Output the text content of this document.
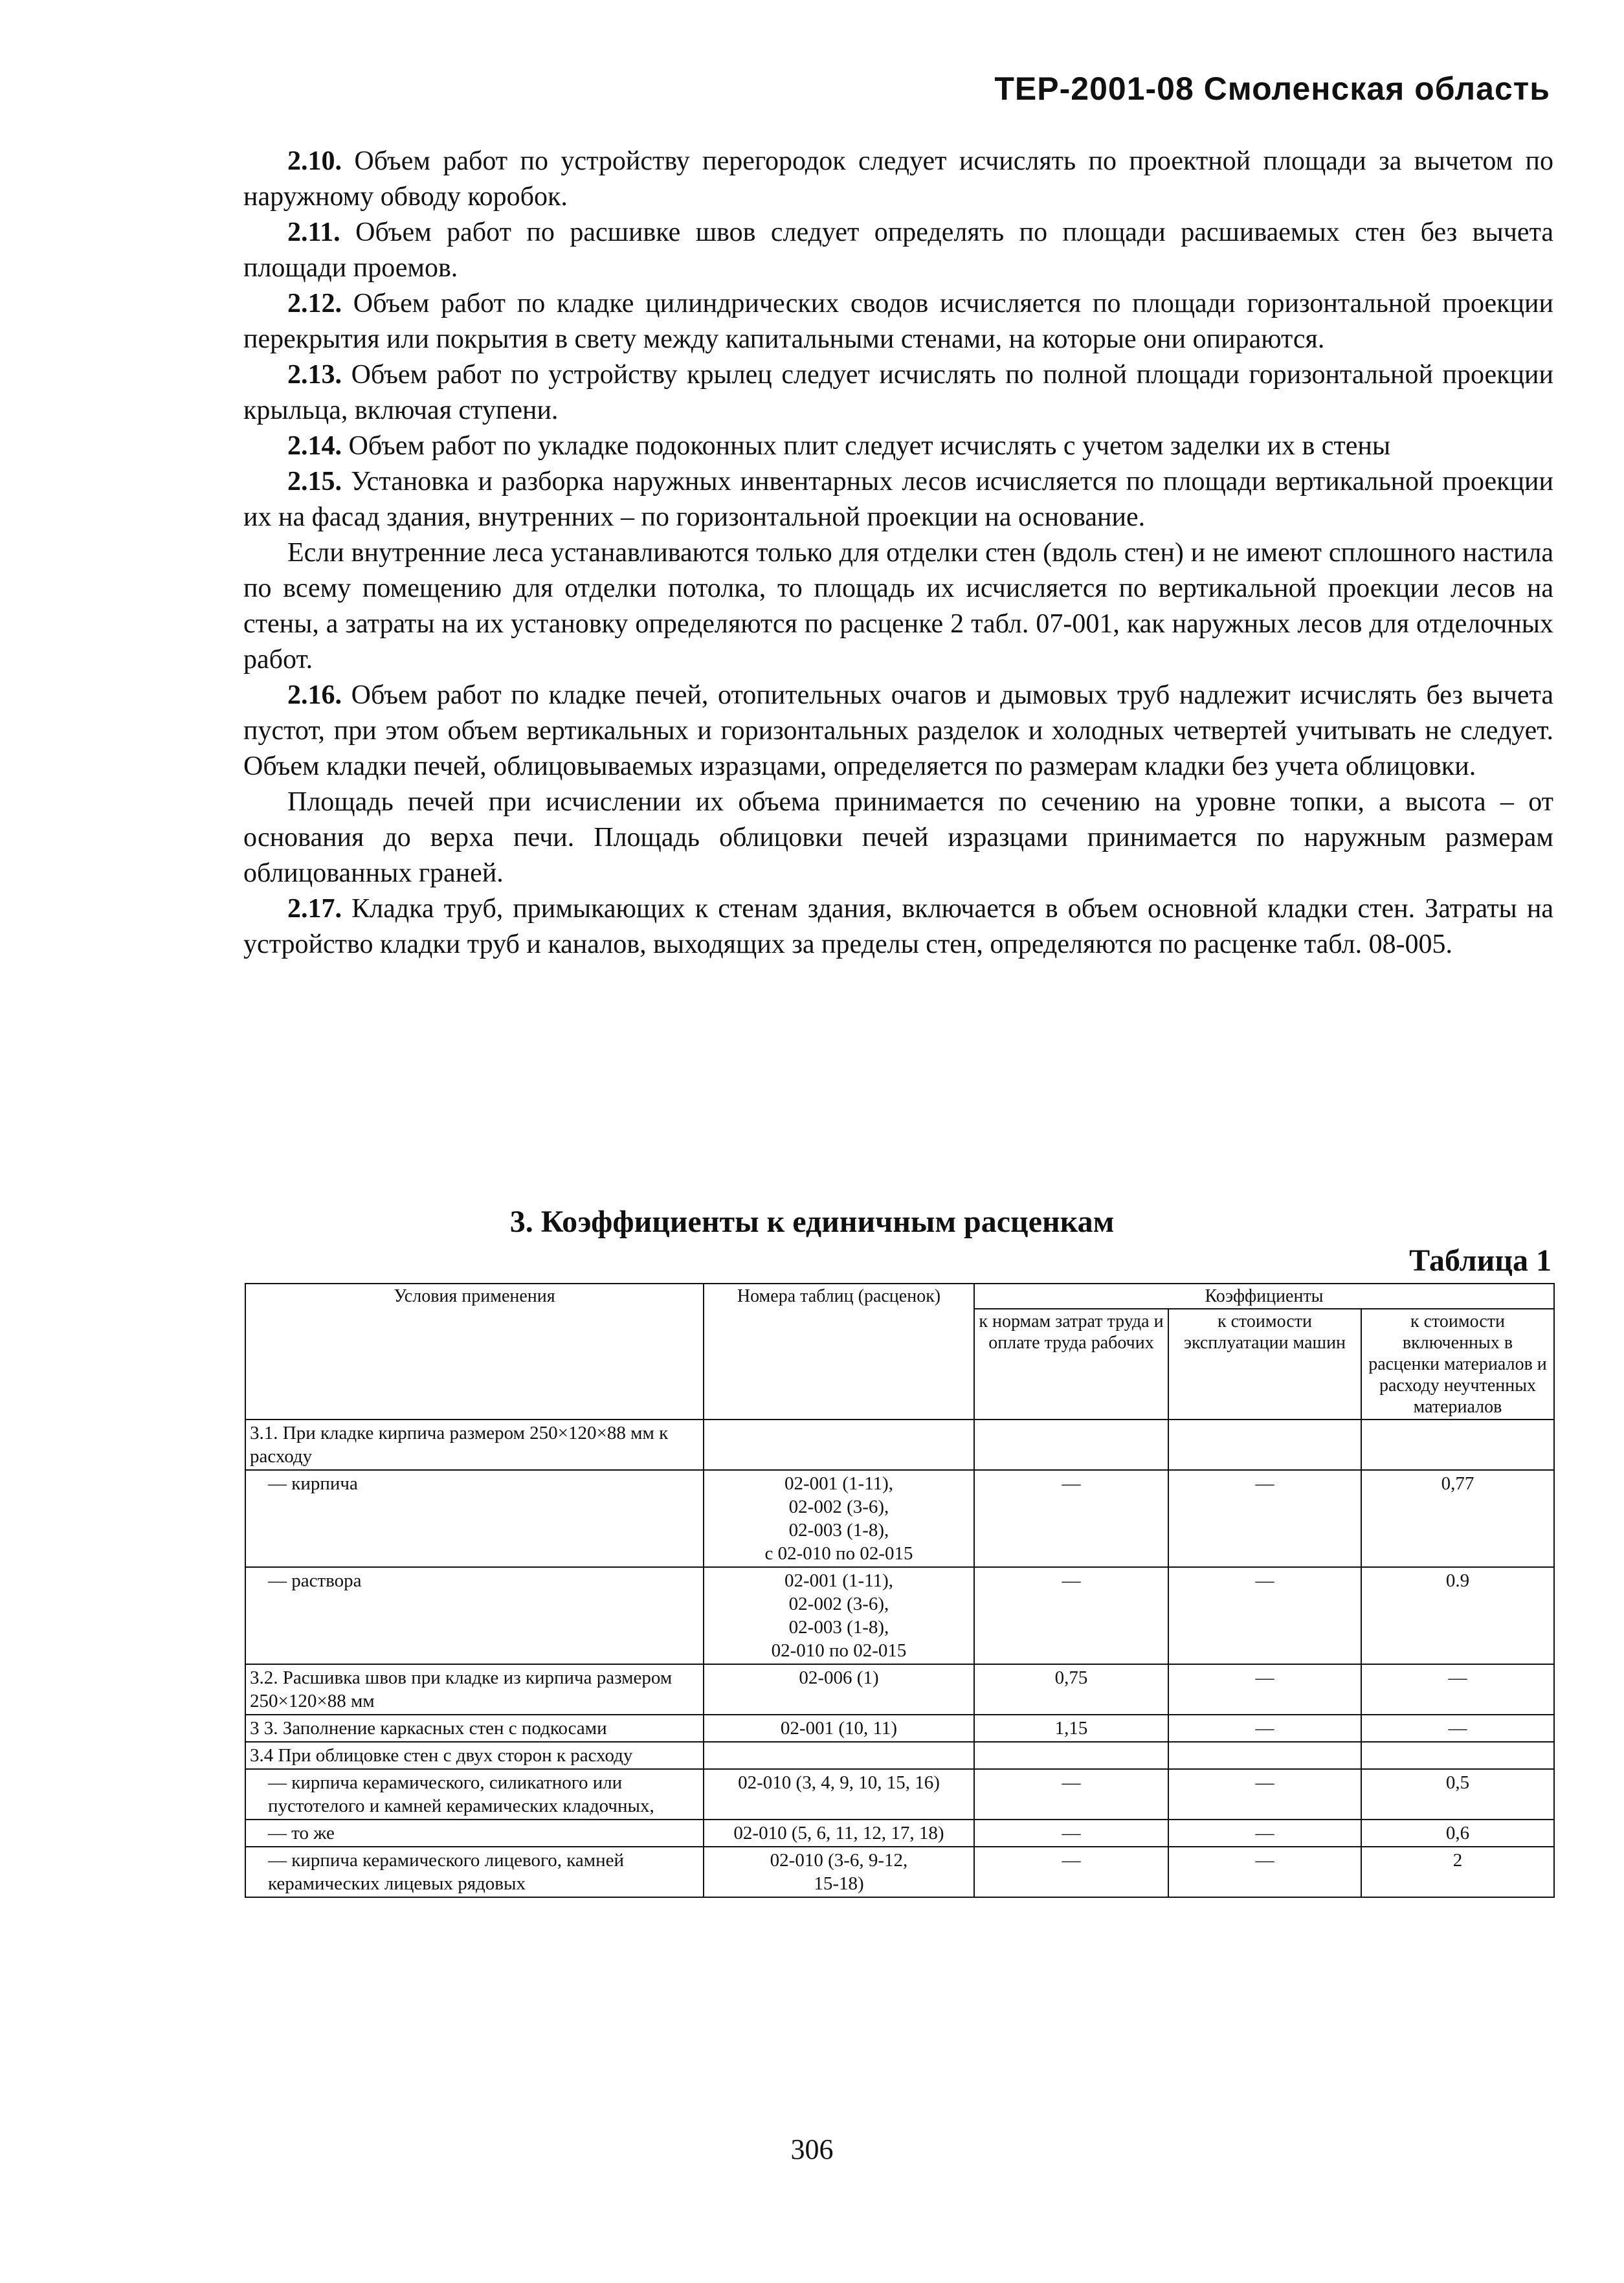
ТЕР-2001-08 Смоленская область

2.10. Объем работ по устройству перегородок следует исчислять по проектной площади за вычетом по наружному обводу коробок.

2.11. Объем работ по расшивке швов следует определять по площади расшиваемых стен без вычета площади проемов.

2.12. Объем работ по кладке цилиндрических сводов исчисляется по площади горизонтальной проекции перекрытия или покрытия в свету между капитальными стенами, на которые они опираются.

2.13. Объем работ по устройству крылец следует исчислять по полной площади горизонтальной проекции крыльца, включая ступени.

2.14. Объем работ по укладке подоконных плит следует исчислять с учетом заделки их в стены

2.15. Установка и разборка наружных инвентарных лесов исчисляется по площади вертикальной проекции их на фасад здания, внутренних – по горизонтальной проекции на основание.

Если внутренние леса устанавливаются только для отделки стен (вдоль стен) и не имеют сплошного настила по всему помещению для отделки потолка, то площадь их исчисляется по вертикальной проекции лесов на стены, а затраты на их установку определяются по расценке 2 табл. 07-001, как наружных лесов для отделочных работ.

2.16. Объем работ по кладке печей, отопительных очагов и дымовых труб надлежит исчислять без вычета пустот, при этом объем вертикальных и горизонтальных разделок и холодных четвертей учитывать не следует. Объем кладки печей, облицовываемых изразцами, определяется по размерам кладки без учета облицовки.

Площадь печей при исчислении их объема принимается по сечению на уровне топки, а высота – от основания до верха печи. Площадь облицовки печей изразцами принимается по наружным размерам облицованных граней.

2.17. Кладка труб, примыкающих к стенам здания, включается в объем основной кладки стен. Затраты на устройство кладки труб и каналов, выходящих за пределы стен, определяются по расценке табл. 08-005.

3. Коэффициенты к единичным расценкам
Таблица 1
Условия применения	Номера таблиц (расценок)	Коэффициенты		
		к нормам затрат труда и оплате труда рабочих	к стоимости эксплуатации машин	к стоимости включенных в расценки материалов и расходу неучтенных материалов
3.1. При кладке кирпича размером 250×120×88 мм к расходу				

— кирпича	02-001 (1-11),
02-002 (3-6),
02-003 (1-8),
с 02-010 по 02-015	—	—	0,77

— раствора	02-001 (1-11),
02-002 (3-6),
02-003 (1-8),
02-010 по 02-015	—	—	0.9
3.2. Расшивка швов при кладке из кирпича размером 250×120×88 мм	02-006 (1)	0,75	—	—
3 3. Заполнение каркасных стен с подкосами	02-001 (10, 11)	1,15	—	—
3.4 При облицовке стен с двух сторон к расходу				

— кирпича керамического, силикатного или пустотелого и камней керамических кладочных,	02-010 (3, 4, 9, 10, 15, 16)	—	—	0,5

— то же	02-010 (5, 6, 11, 12, 17, 18)	—	—	0,6

— кирпича керамического лицевого, камней керамических лицевых рядовых	02-010 (3-6, 9-12,
15-18)	—	—	2
306
